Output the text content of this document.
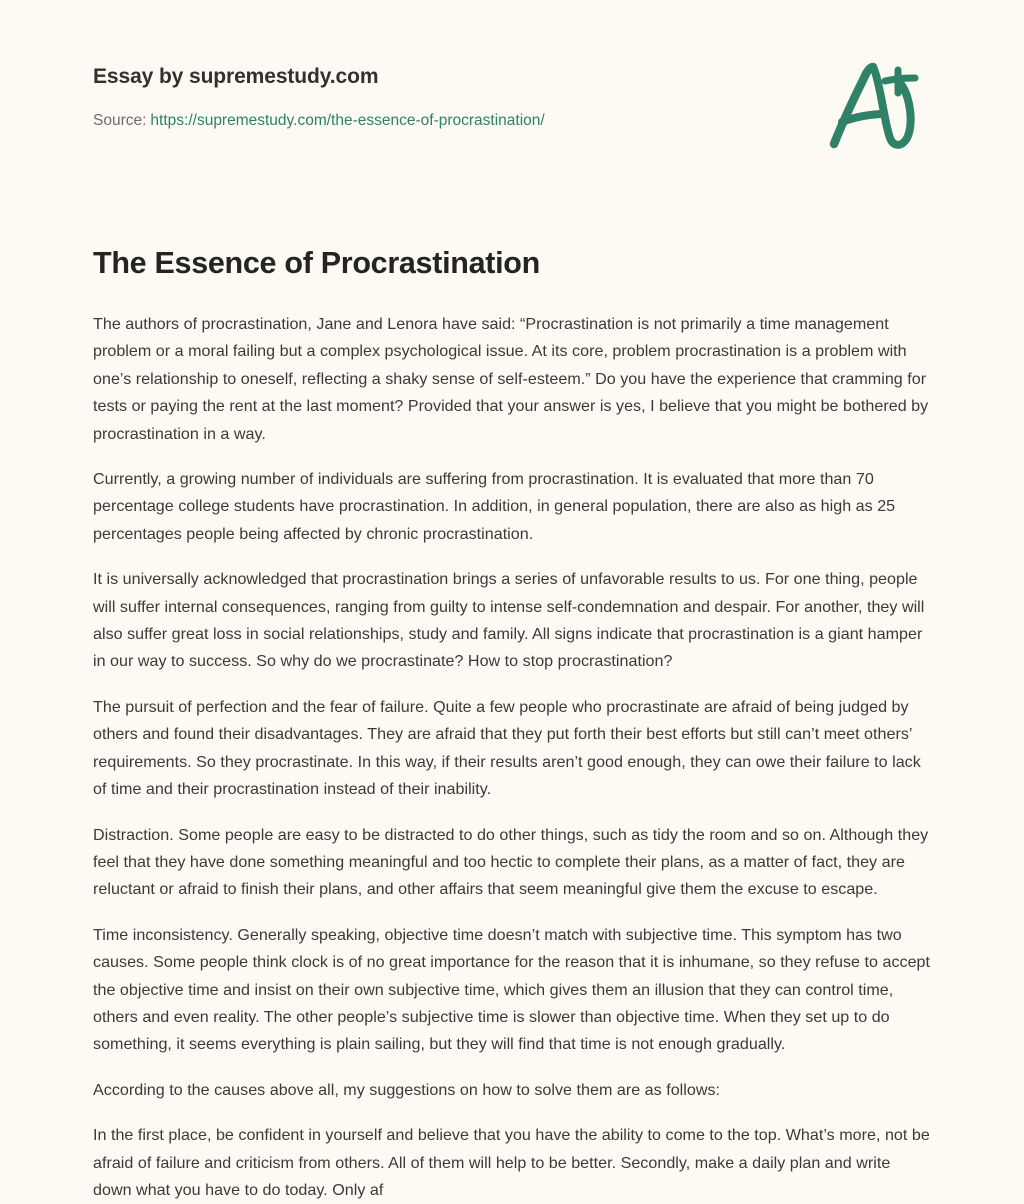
Essay by supremestudy.com
Source: https://supremestudy.com/the-essence-of-procrastination/
The Essence of Procrastination

The authors of procrastination, Jane and Lenora have said: “Procrastination is not primarily a time management problem or a moral failing but a complex psychological issue. At its core, problem procrastination is a problem with one’s relationship to oneself, reflecting a shaky sense of self-esteem.” Do you have the experience that cramming for tests or paying the rent at the last moment? Provided that your answer is yes, I believe that you might be bothered by procrastination in a way.

Currently, a growing number of individuals are suffering from procrastination. It is evaluated that more than 70 percentage college students have procrastination. In addition, in general population, there are also as high as 25 percentages people being affected by chronic procrastination.

It is universally acknowledged that procrastination brings a series of unfavorable results to us. For one thing, people will suffer internal consequences, ranging from guilty to intense self-condemnation and despair. For another, they will also suffer great loss in social relationships, study and family. All signs indicate that procrastination is a giant hamper in our way to success. So why do we procrastinate? How to stop procrastination?

The pursuit of perfection and the fear of failure. Quite a few people who procrastinate are afraid of being judged by others and found their disadvantages. They are afraid that they put forth their best efforts but still can’t meet others’ requirements. So they procrastinate. In this way, if their results aren’t good enough, they can owe their failure to lack of time and their procrastination instead of their inability.

Distraction. Some people are easy to be distracted to do other things, such as tidy the room and so on. Although they feel that they have done something meaningful and too hectic to complete their plans, as a matter of fact, they are reluctant or afraid to finish their plans, and other affairs that seem meaningful give them the excuse to escape.

Time inconsistency. Generally speaking, objective time doesn’t match with subjective time. This symptom has two causes. Some people think clock is of no great importance for the reason that it is inhumane, so they refuse to accept the objective time and insist on their own subjective time, which gives them an illusion that they can control time, others and even reality. The other people’s subjective time is slower than objective time. When they set up to do something, it seems everything is plain sailing, but they will find that time is not enough gradually.

According to the causes above all, my suggestions on how to solve them are as follows:

In the first place, be confident in yourself and believe that you have the ability to come to the top. What’s more, not be afraid of failure and criticism from others. All of them will help to be better. Secondly, make a daily plan and write down what you have to do today. Only af
